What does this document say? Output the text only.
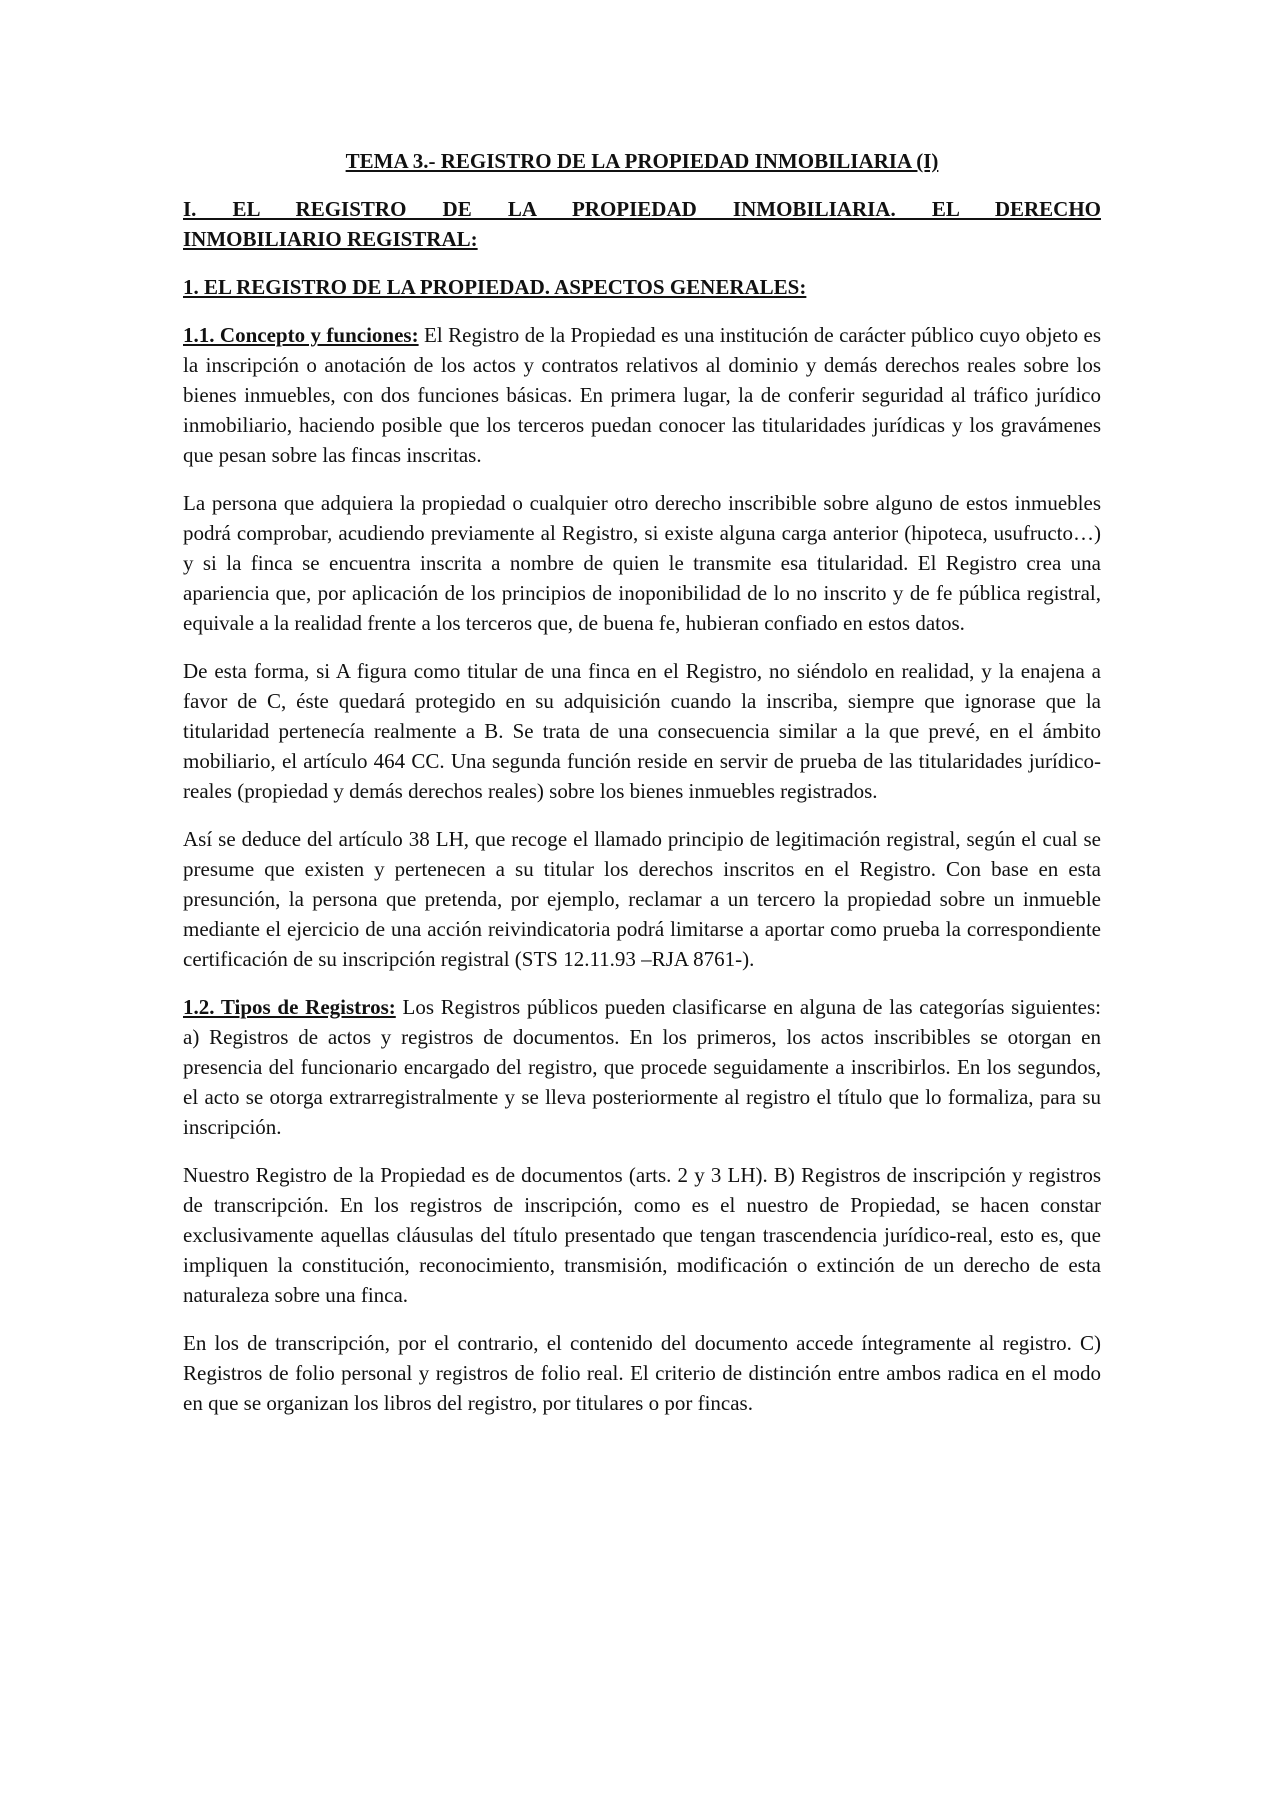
TEMA 3.- REGISTRO DE LA PROPIEDAD INMOBILIARIA (I)
I. EL REGISTRO DE LA PROPIEDAD INMOBILIARIA. EL DERECHO
INMOBILIARIO REGISTRAL:
1. EL REGISTRO DE LA PROPIEDAD. ASPECTOS GENERALES:

1.1. Concepto y funciones: El Registro de la Propiedad es una institución de carácter público cuyo objeto es la inscripción o anotación de los actos y contratos relativos al dominio y demás derechos reales sobre los bienes inmuebles, con dos funciones básicas. En primera lugar, la de conferir seguridad al tráfico jurídico inmobiliario, haciendo posible que los terceros puedan conocer las titularidades jurídicas y los gravámenes que pesan sobre las fincas inscritas.

La persona que adquiera la propiedad o cualquier otro derecho inscribible sobre alguno de estos inmuebles podrá comprobar, acudiendo previamente al Registro, si existe alguna carga anterior (hipoteca, usufructo…) y si la finca se encuentra inscrita a nombre de quien le transmite esa titularidad. El Registro crea una apariencia que, por aplicación de los principios de inoponibilidad de lo no inscrito y de fe pública registral, equivale a la realidad frente a los terceros que, de buena fe, hubieran confiado en estos datos.

De esta forma, si A figura como titular de una finca en el Registro, no siéndolo en realidad, y la enajena a favor de C, éste quedará protegido en su adquisición cuando la inscriba, siempre que ignorase que la titularidad pertenecía realmente a B. Se trata de una consecuencia similar a la que prevé, en el ámbito mobiliario, el artículo 464 CC. Una segunda función reside en servir de prueba de las titularidades jurídico-reales (propiedad y demás derechos reales) sobre los bienes inmuebles registrados.

Así se deduce del artículo 38 LH, que recoge el llamado principio de legitimación registral, según el cual se presume que existen y pertenecen a su titular los derechos inscritos en el Registro. Con base en esta presunción, la persona que pretenda, por ejemplo, reclamar a un tercero la propiedad sobre un inmueble mediante el ejercicio de una acción reivindicatoria podrá limitarse a aportar como prueba la correspondiente certificación de su inscripción registral (STS 12.11.93 –RJA 8761-).

1.2. Tipos de Registros: Los Registros públicos pueden clasificarse en alguna de las categorías siguientes: a) Registros de actos y registros de documentos. En los primeros, los actos inscribibles se otorgan en presencia del funcionario encargado del registro, que procede seguidamente a inscribirlos. En los segundos, el acto se otorga extrarregistralmente y se lleva posteriormente al registro el título que lo formaliza, para su inscripción.

Nuestro Registro de la Propiedad es de documentos (arts. 2 y 3 LH). B) Registros de inscripción y registros de transcripción. En los registros de inscripción, como es el nuestro de Propiedad, se hacen constar exclusivamente aquellas cláusulas del título presentado que tengan trascendencia jurídico-real, esto es, que impliquen la constitución, reconocimiento, transmisión, modificación o extinción de un derecho de esta naturaleza sobre una finca.

En los de transcripción, por el contrario, el contenido del documento accede íntegramente al registro. C) Registros de folio personal y registros de folio real. El criterio de distinción entre ambos radica en el modo en que se organizan los libros del registro, por titulares o por fincas.
